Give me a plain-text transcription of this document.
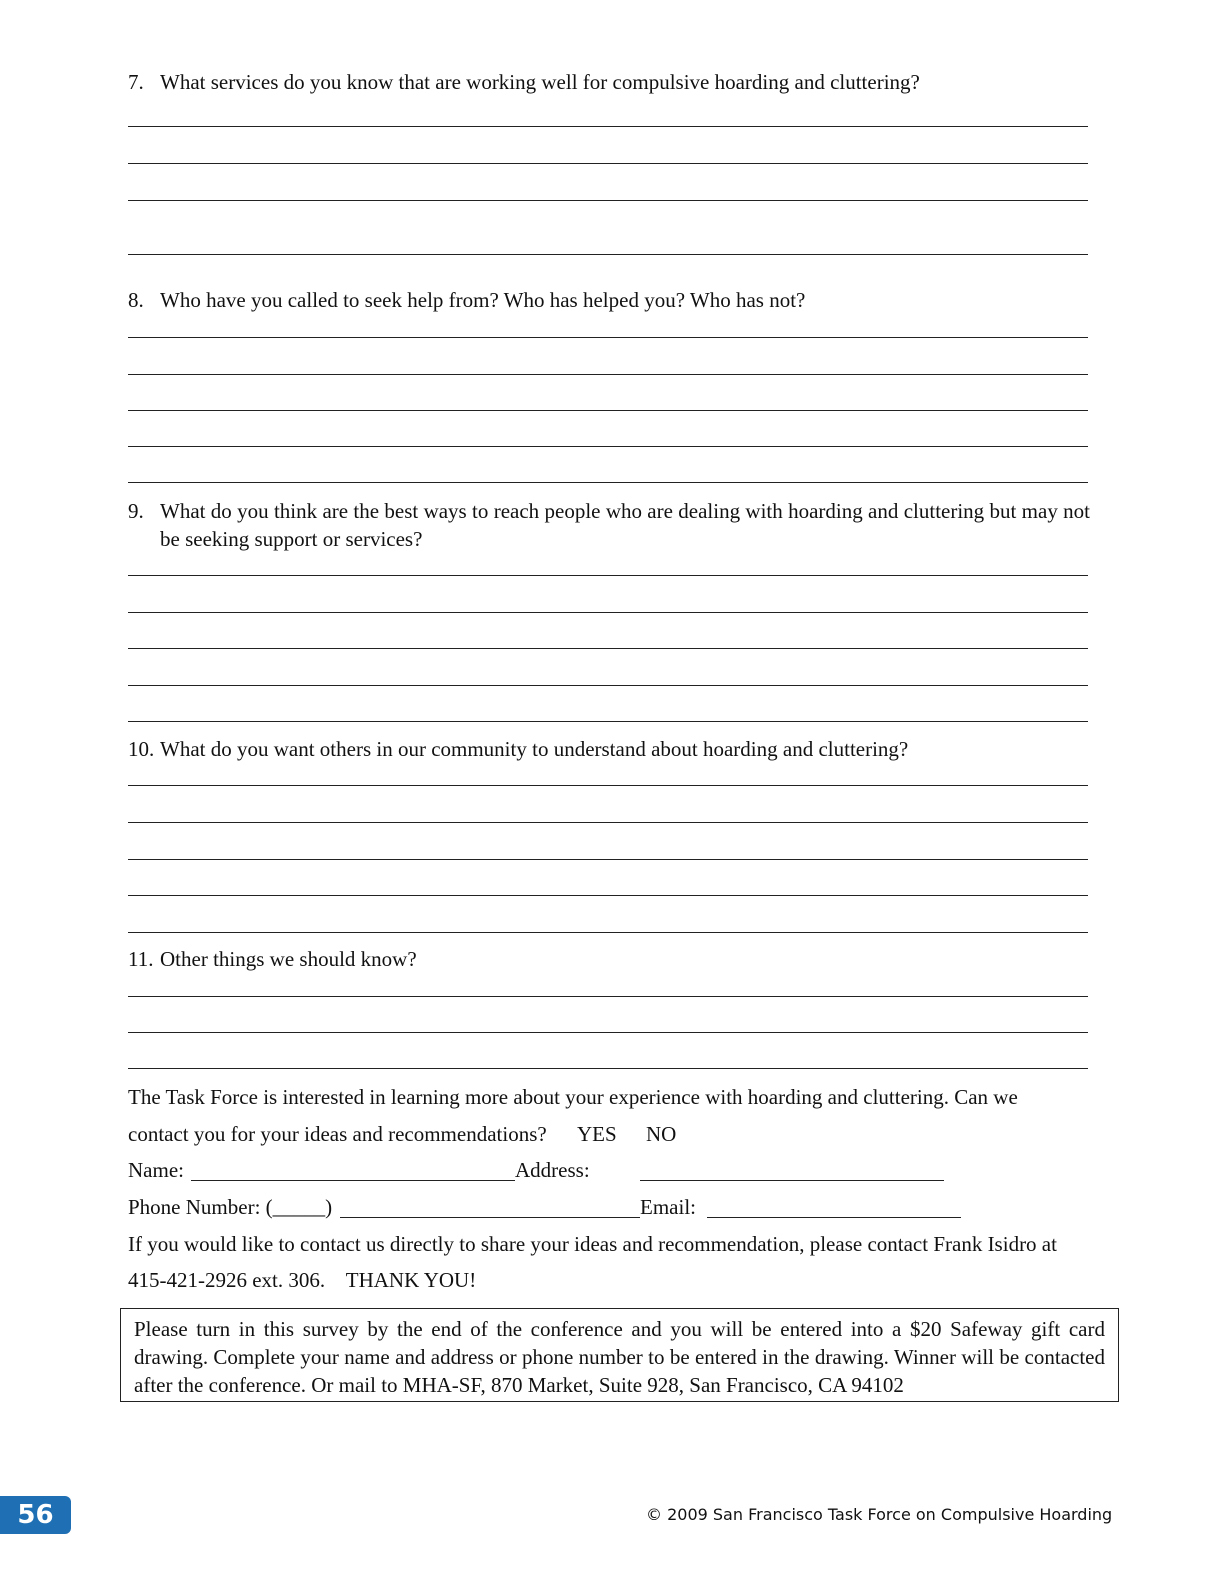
7. What services do you know that are working well for compulsive hoarding and cluttering?
8. Who have you called to seek help from? Who has helped you? Who has not?
9. What do you think are the best ways to reach people who are dealing with hoarding and cluttering but may not be seeking support or services?
10. What do you want others in our community to understand about hoarding and cluttering?
11. Other things we should know?
The Task Force is interested in learning more about your experience with hoarding and cluttering. Can we
contact you for your ideas and recommendations? YES NO
Name:	Address:
Phone Number: (_____)	Email:
If you would like to contact us directly to share your ideas and recommendation, please contact Frank Isidro at
415-421-2926 ext. 306.    THANK YOU!
Please turn in this survey by the end of the conference and you will be entered into a $20 Safeway gift card drawing. Complete your name and address or phone number to be entered in the drawing. Winner will be contacted after the conference. Or mail to MHA-SF, 870 Market, Suite 928, San Francisco, CA 94102
56	© 2009 San Francisco Task Force on Compulsive Hoarding
